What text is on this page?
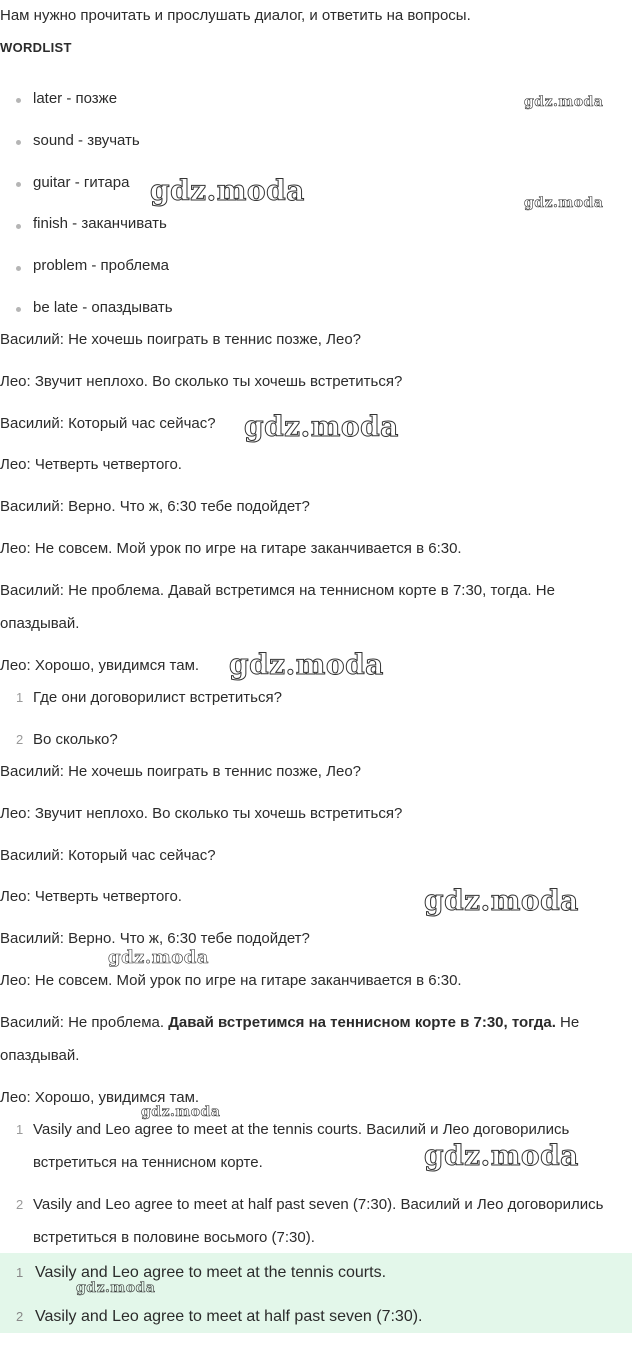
Нам нужно прочитать и прослушать диалог, и ответить на вопросы.
WORDLIST
later - позже
sound - звучать
guitar - гитара
finish - заканчивать
problem - проблема
be late - опаздывать
Василий: Не хочешь поиграть в теннис позже, Лео?
Лео: Звучит неплохо. Во сколько ты хочешь встретиться?
Василий: Который час сейчас?
Лео: Четверть четвертого.
Василий: Верно. Что ж, 6:30 тебе подойдет?
Лео: Не совсем. Мой урок по игре на гитаре заканчивается в 6:30.
Василий: Не проблема. Давай встретимся на теннисном корте в 7:30, тогда. Не опаздывай.
Лео: Хорошо, увидимся там.
1 Где они договорилист встретиться?
2 Во сколько?
Василий: Не хочешь поиграть в теннис позже, Лео?
Лео: Звучит неплохо. Во сколько ты хочешь встретиться?
Василий: Который час сейчас?
Лео: Четверть четвертого.
Василий: Верно. Что ж, 6:30 тебе подойдет?
Лео: Не совсем. Мой урок по игре на гитаре заканчивается в 6:30.
Василий: Не проблема. Давай встретимся на теннисном корте в 7:30, тогда. Не опаздывай.
Лео: Хорошо, увидимся там.
1 Vasily and Leo agree to meet at the tennis courts. Василий и Лео договорились встретиться на теннисном корте.
2 Vasily and Leo agree to meet at half past seven (7:30). Василий и Лео договорились встретиться в половине восьмого (7:30).
1 Vasily and Leo agree to meet at the tennis courts.
2 Vasily and Leo agree to meet at half past seven (7:30).
gdz.moda
gdz.moda	gdz.moda
gdz.moda
gdz.moda
gdz.moda
gdz.moda
gdz.moda
gdz.moda
gdz.moda
